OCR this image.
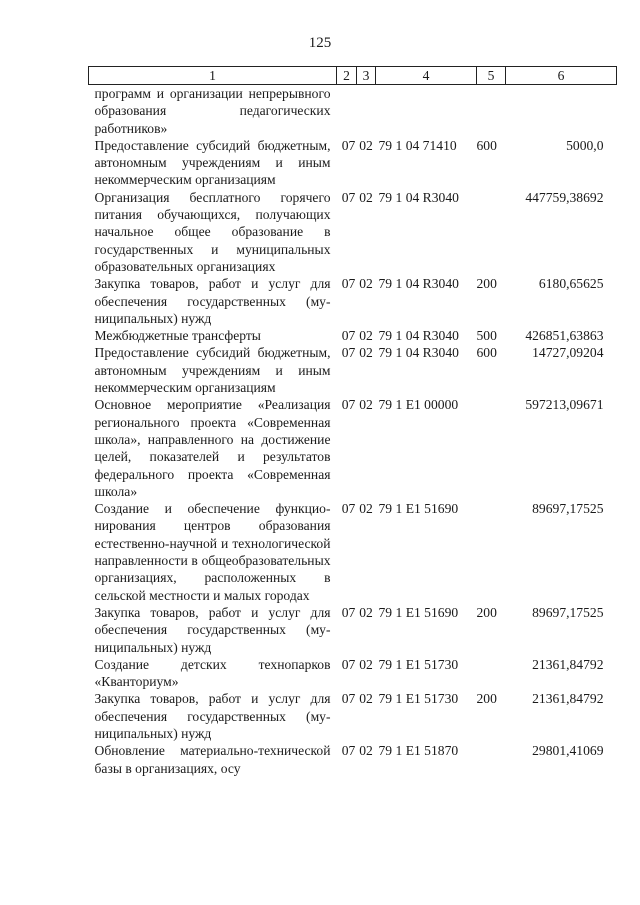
125
1	2	3	4	5	6
программ и организации непрерывного образования педагогических работников»					
Предоставление субсидий бюджетным, автономным учреждениям и иным некоммерческим организациям	07	02	79 1 04 71410	600	5000,0
Организация бесплатного горячего питания обучающихся, получающих начальное общее образование в государственных и муниципальных образовательных организациях	07	02	79 1 04 R3040		447759,38692
Закупка товаров, работ и услуг для обеспечения государственных (муниципальных) нужд	07	02	79 1 04 R3040	200	6180,65625
Межбюджетные трансферты	07	02	79 1 04 R3040	500	426851,63863
Предоставление субсидий бюджетным, автономным учреждениям и иным некоммерческим организациям	07	02	79 1 04 R3040	600	14727,09204
Основное мероприятие «Реализация регионального проекта «Современная школа», направленного на достижение целей, показателей и результатов федерального проекта «Современная школа»	07	02	79 1 E1 00000		597213,09671
Создание и обеспечение функционирования центров образования естественно-научной и технологической направленности в общеобразовательных организациях, расположенных в сельской местности и малых городах	07	02	79 1 E1 51690		89697,17525
Закупка товаров, работ и услуг для обеспечения государственных (муниципальных) нужд	07	02	79 1 E1 51690	200	89697,17525
Создание детских технопарков «Кванториум»	07	02	79 1 E1 51730		21361,84792
Закупка товаров, работ и услуг для обеспечения государственных (муниципальных) нужд	07	02	79 1 E1 51730	200	21361,84792
Обновление материально-технической базы в организациях, осу	07	02	79 1 E1 51870		29801,41069
